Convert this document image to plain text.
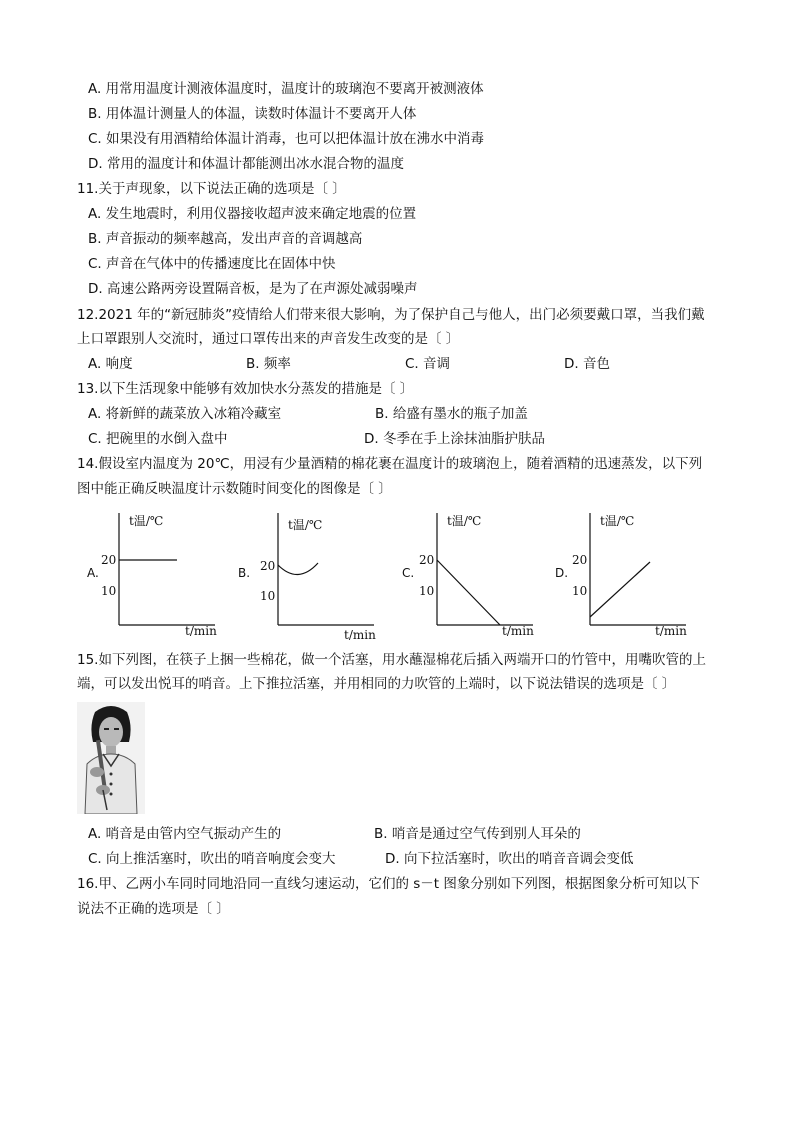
A. 用常用温度计测液体温度时，温度计的玻璃泡不要离开被测液体
B. 用体温计测量人的体温，读数时体温计不要离开人体
C. 如果没有用酒精给体温计消毒，也可以把体温计放在沸水中消毒
D. 常用的温度计和体温计都能测出冰水混合物的温度
11.关于声现象，以下说法正确的选项是〔 〕
A. 发生地震时，利用仪器接收超声波来确定地震的位置
B. 声音振动的频率越高，发出声音的音调越高
C. 声音在气体中的传播速度比在固体中快
D. 高速公路两旁设置隔音板，是为了在声源处减弱噪声
12.2021 年的“新冠肺炎”疫情给人们带来很大影响，为了保护自己与他人，出门必须要戴口罩，当我们戴
上口罩跟别人交流时，通过口罩传出来的声音发生改变的是〔 〕
A. 响度	B. 频率	C. 音调	D. 音色
13.以下生活现象中能够有效加快水分蒸发的措施是〔 〕
A. 将新鲜的蔬菜放入冰箱冷藏室	B. 给盛有墨水的瓶子加盖
C. 把碗里的水倒入盘中	D. 冬季在手上涂抹油脂护肤品
14.假设室内温度为 20℃，用浸有少量酒精的棉花裹在温度计的玻璃泡上，随着酒精的迅速蒸发，以下列
图中能正确反映温度计示数随时间变化的图像是〔 〕
A.
t温/℃
20
10
t/min
B.
t温/℃
20
10
t/min
C.
t温/℃
20
10
t/min
D.
t温/℃
20
10
t/min
15.如下列图，在筷子上捆一些棉花，做一个活塞，用水蘸湿棉花后插入两端开口的竹管中，用嘴吹管的上
端，可以发出悦耳的哨音。上下推拉活塞，并用相同的力吹管的上端时，以下说法错误的选项是〔 〕
A. 哨音是由管内空气振动产生的	B. 哨音是通过空气传到别人耳朵的
C. 向上推活塞时，吹出的哨音响度会变大	D. 向下拉活塞时，吹出的哨音音调会变低
16.甲、乙两小车同时同地沿同一直线匀速运动，它们的 s－t 图象分别如下列图，根据图象分析可知以下
说法不正确的选项是〔 〕
